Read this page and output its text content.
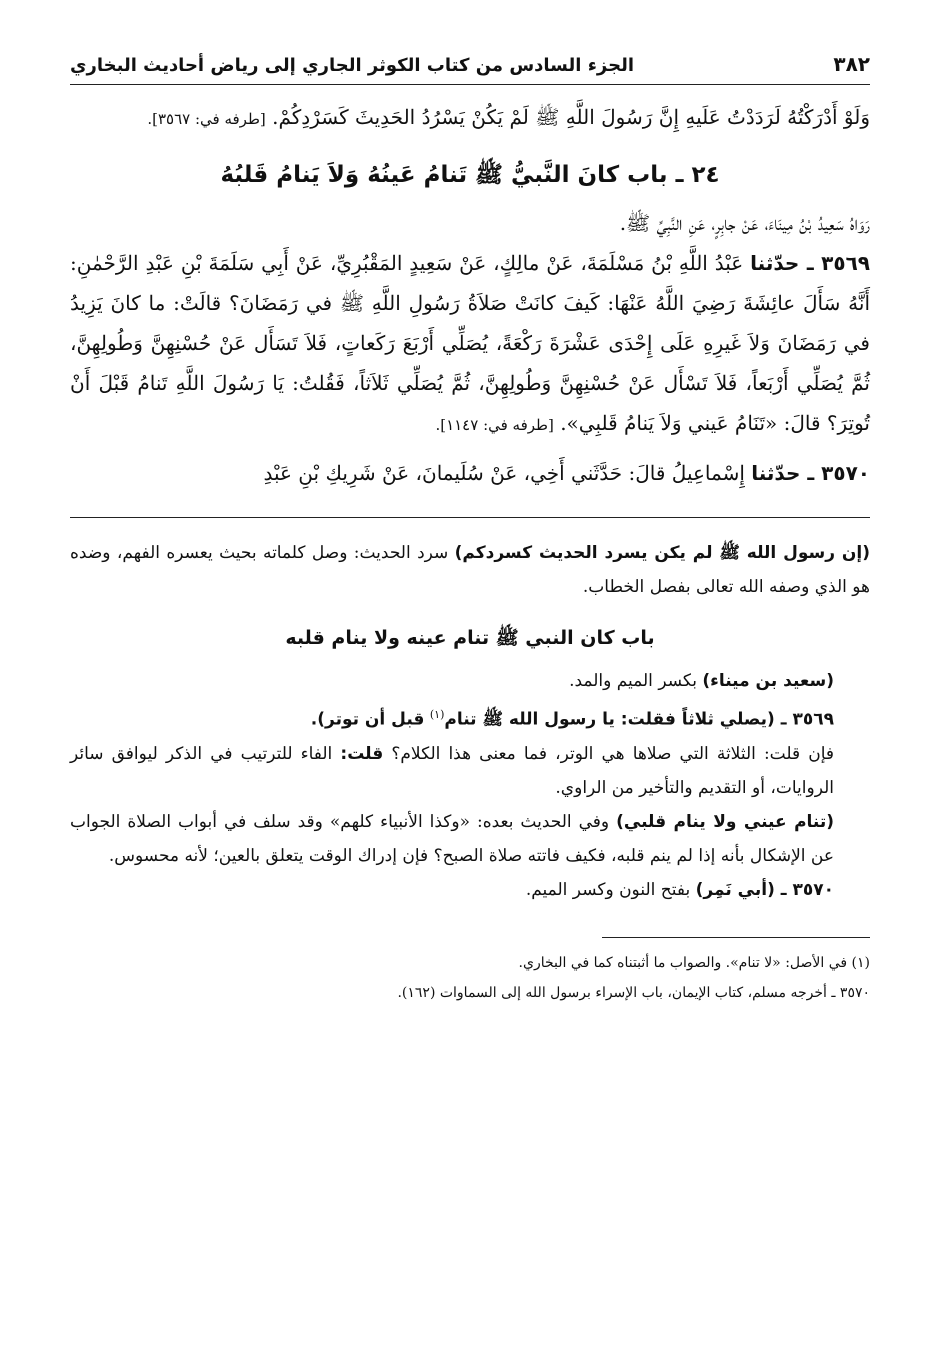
٣٨٢
الجزء السادس من كتاب الكوثر الجاري إلى رياض أحاديث البخاري

وَلَوْ أَدْرَكْتُهُ لَرَدَدْتُ عَلَيهِ إِنَّ رَسُولَ اللَّهِ ﷺ لَمْ يَكُنْ يَسْرُدُ الحَدِيثَ كَسَرْدِكُمْ. [طرفه في: ٣٥٦٧].

٢٤ ـ باب كانَ النَّبيُّ ﷺ تَنامُ عَينُهُ وَلاَ يَنامُ قَلبُهُ

رَوَاهُ سَعِيدُ بْنُ مِينَاءَ، عَنْ جابِرٍ، عَنِ النَّبِيِّ ﷺ.

٣٥٦٩ ـ حدّثنا عَبْدُ اللَّهِ بْنُ مَسْلَمَةَ، عَنْ مالِكٍ، عَنْ سَعِيدٍ المَقْبُرِيِّ، عَنْ أَبِي سَلَمَةَ بْنِ عَبْدِ الرَّحْمٰنِ: أَنَّهُ سَأَلَ عائِشَةَ رَضِيَ اللَّهُ عَنْهَا: كَيفَ كانَتْ صَلاَةُ رَسُولِ اللَّهِ ﷺ في رَمَضَانَ؟ قالَتْ: ما كانَ يَزِيدُ في رَمَضَانَ وَلاَ غَيرِهِ عَلَى إِحْدَى عَشْرَةَ رَكْعَةً، يُصَلِّي أَرْبَعَ رَكَعاتٍ، فَلاَ تَسَأَل عَنْ حُسْنِهِنَّ وَطُولِهِنَّ، ثُمَّ يُصَلِّي أَرْبَعاً، فَلاَ تَسْأَل عَنْ حُسْنِهِنَّ وَطُولِهِنَّ، ثُمَّ يُصَلِّي ثَلاَثاً، فَقُلتُ: يَا رَسُولَ اللَّهِ تَنامُ قَبْلَ أَنْ تُوتِرَ؟ قالَ: «تَنَامُ عَيني وَلاَ يَنامُ قَلبِي». [طرفه في: ١١٤٧].

٣٥٧٠ ـ حدّثنا إِسْماعِيلُ قالَ: حَدَّثَني أَخِي، عَنْ سُلَيمانَ، عَنْ شَرِيكِ بْنِ عَبْدِ

(إن رسول الله ﷺ لم يكن يسرد الحديث كسردكم) سرد الحديث: وصل كلماته بحيث يعسره الفهم، وضده هو الذي وصفه الله تعالى بفصل الخطاب.

باب كان النبي ﷺ تنام عينه ولا ينام قلبه

(سعيد بن ميناء) بكسر الميم والمد.

٣٥٦٩ ـ (يصلي ثلاثاً فقلت: يا رسول الله ﷺ تنام$^{(١)}$ قبل أن توتر).

فإن قلت: الثلاثة التي صلاها هي الوتر، فما معنى هذا الكلام؟ قلت: الفاء للترتيب في الذكر ليوافق سائر الروايات، أو التقديم والتأخير من الراوي.

(تنام عيني ولا ينام قلبي) وفي الحديث بعده: «وكذا الأنبياء كلهم» وقد سلف في أبواب الصلاة الجواب عن الإشكال بأنه إذا لم ينم قلبه، فكيف فاتته صلاة الصبح؟ فإن إدراك الوقت يتعلق بالعين؛ لأنه محسوس.

٣٥٧٠ ـ (أبي نَمِر) بفتح النون وكسر الميم.

(١) في الأصل: «لا تنام». والصواب ما أثبتناه كما في البخاري.

٣٥٧٠ ـ أخرجه مسلم، كتاب الإيمان، باب الإسراء برسول الله إلى السماوات (١٦٢).
